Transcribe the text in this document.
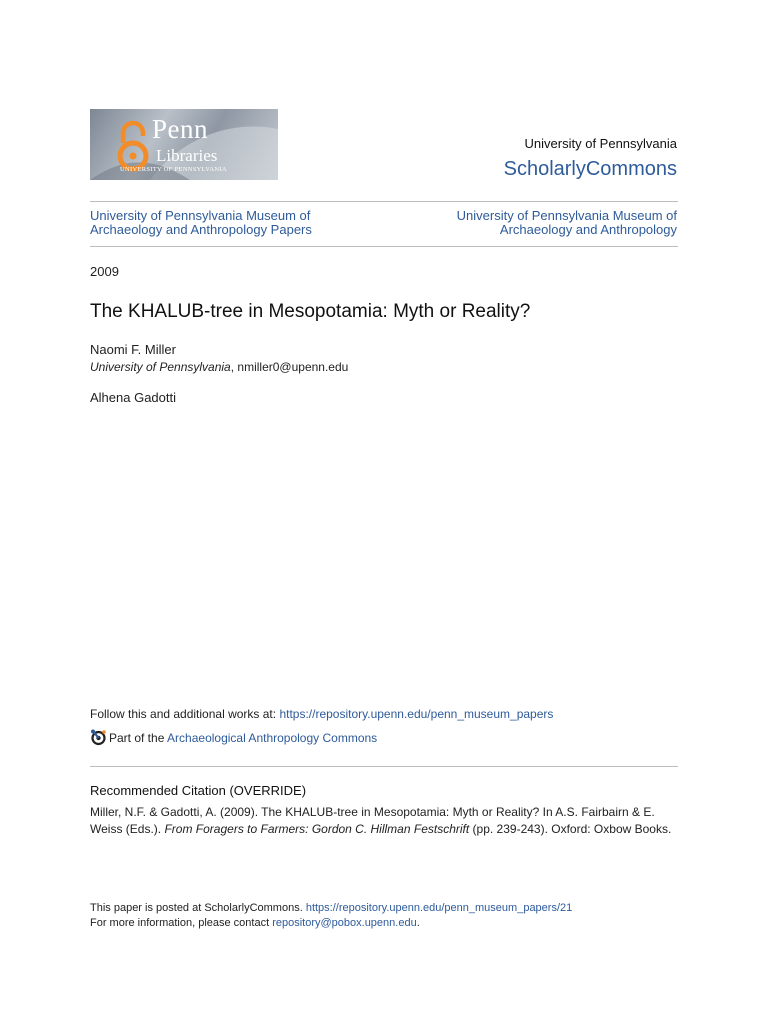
Penn
Libraries
UNIVERSITY OF PENNSYLVANIA
University of Pennsylvania
ScholarlyCommons
University of Pennsylvania Museum of
Archaeology and Anthropology Papers
University of Pennsylvania Museum of
Archaeology and Anthropology
2009
The KHALUB-tree in Mesopotamia: Myth or Reality?
Naomi F. Miller
University of Pennsylvania, nmiller0@upenn.edu
Alhena Gadotti
Follow this and additional works at: https://repository.upenn.edu/penn_museum_papers
Part of the Archaeological Anthropology Commons
Recommended Citation (OVERRIDE)
Miller, N.F. & Gadotti, A. (2009). The KHALUB-tree in Mesopotamia: Myth or Reality? In A.S. Fairbairn & E. Weiss (Eds.). From Foragers to Farmers: Gordon C. Hillman Festschrift (pp. 239-243). Oxford: Oxbow Books.
This paper is posted at ScholarlyCommons. https://repository.upenn.edu/penn_museum_papers/21
For more information, please contact repository@pobox.upenn.edu.
